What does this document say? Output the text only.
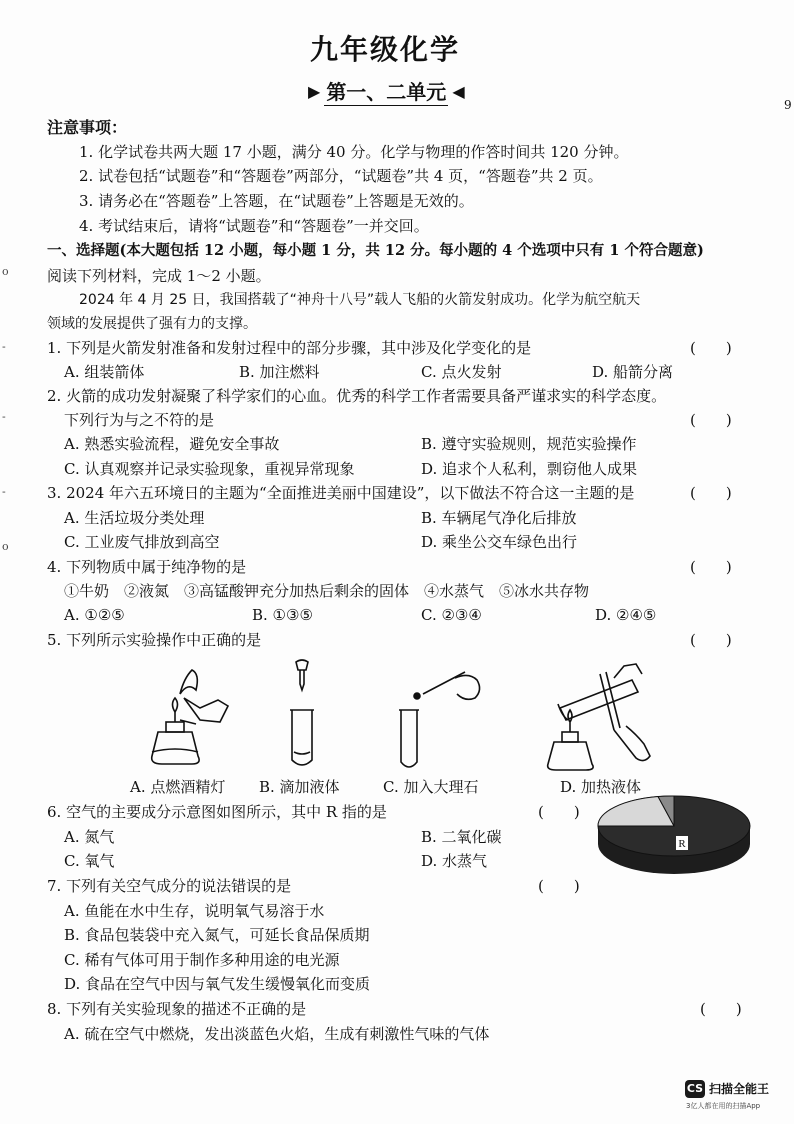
o
-
-
-
o
9
九年级化学
▶ 第一、二单元 ◀
注意事项：
1. 化学试卷共两大题 17 小题，满分 40 分。化学与物理的作答时间共 120 分钟。
2. 试卷包括“试题卷”和“答题卷”两部分，“试题卷”共 4 页，“答题卷”共 2 页。
3. 请务必在“答题卷”上答题，在“试题卷”上答题是无效的。
4. 考试结束后，请将“试题卷”和“答题卷”一并交回。
一、选择题(本大题包括 12 小题，每小题 1 分，共 12 分。每小题的 4 个选项中只有 1 个符合题意)
阅读下列材料，完成 1～2 小题。
2024 年 4 月 25 日，我国搭载了“神舟十八号”载人飞船的火箭发射成功。化学为航空航天
领域的发展提供了强有力的支撑。
1. 下列是火箭发射准备和发射过程中的部分步骤，其中涉及化学变化的是	(　　)
A. 组装箭体	B. 加注燃料	C. 点火发射	D. 船箭分离
2. 火箭的成功发射凝聚了科学家们的心血。优秀的科学工作者需要具备严谨求实的科学态度。
下列行为与之不符的是	(　　)
A. 熟悉实验流程，避免安全事故	B. 遵守实验规则，规范实验操作
C. 认真观察并记录实验现象，重视异常现象	D. 追求个人私利，剽窃他人成果
3. 2024 年六五环境日的主题为“全面推进美丽中国建设”，以下做法不符合这一主题的是	(　　)
A. 生活垃圾分类处理	B. 车辆尾气净化后排放
C. 工业废气排放到高空	D. 乘坐公交车绿色出行
4. 下列物质中属于纯净物的是	(　　)
①牛奶　②液氮　③高锰酸钾充分加热后剩余的固体　④水蒸气　⑤冰水共存物
A. ①②⑤	B. ①③⑤	C. ②③④	D. ②④⑤
5. 下列所示实验操作中正确的是	(　　)
A. 点燃酒精灯 B. 滴加液体	C. 加入大理石	D. 加热液体
6. 空气的主要成分示意图如图所示，其中 R 指的是	(　　)
A. 氮气	B. 二氧化碳
C. 氧气	D. 水蒸气
R
7. 下列有关空气成分的说法错误的是	(　　)
A. 鱼能在水中生存，说明氧气易溶于水
B. 食品包装袋中充入氮气，可延长食品保质期
C. 稀有气体可用于制作多种用途的电光源
D. 食品在空气中因与氧气发生缓慢氧化而变质
8. 下列有关实验现象的描述不正确的是	(　　)
A. 硫在空气中燃烧，发出淡蓝色火焰，生成有刺激性气味的气体
CS 扫描全能王
3亿人都在用的扫描App
